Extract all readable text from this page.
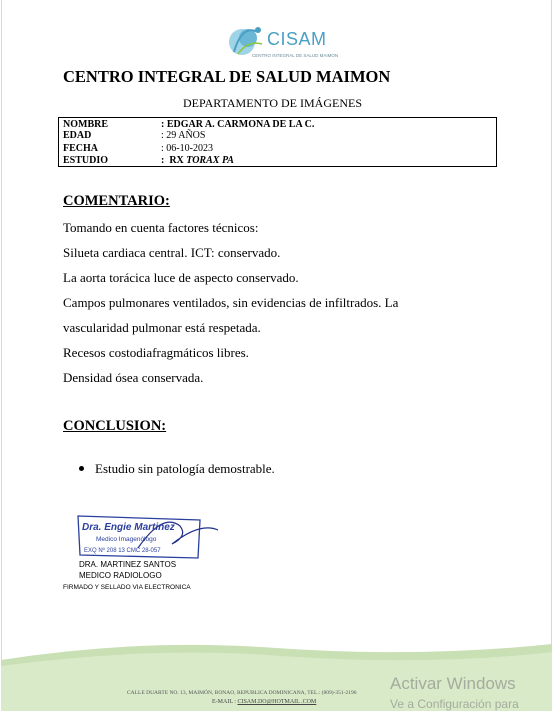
CISAM
CENTRO INTEGRAL DE SALUD MAIMON
CENTRO INTEGRAL DE SALUD MAIMON
DEPARTAMENTO DE IMÁGENES
NOMBRE	: EDGAR A. CARMONA DE LA C.
EDAD	: 29 AÑOS
FECHA	: 06-10-2023
ESTUDIO	:  RX TORAX PA
COMENTARIO:
Tomando en cuenta factores técnicos:
Silueta cardiaca central. ICT: conservado.
La aorta torácica luce de aspecto conservado.
Campos pulmonares ventilados, sin evidencias de infiltrados. La
vascularidad pulmonar está respetada.
Recesos costodiafragmáticos libres.
Densidad ósea conservada.
CONCLUSION:
Estudio sin patología demostrable.
Dra. Engie Martinez
Medico Imagenólogo
EXQ Nº 208 13 CMC 28-057
DRA. MARTINEZ SANTOS
MEDICO RADIOLOGO
FIRMADO Y SELLADO VIA ELECTRONICA
CALLE DUARTE NO. 13, MAIMÓN, BONAO, REPUBLICA DOMINICANA, TEL.: (809)-351-2196
E-MAIL : CISAM.DO@HOTMAIL .COM
Activar Windows
Ve a Configuración para
